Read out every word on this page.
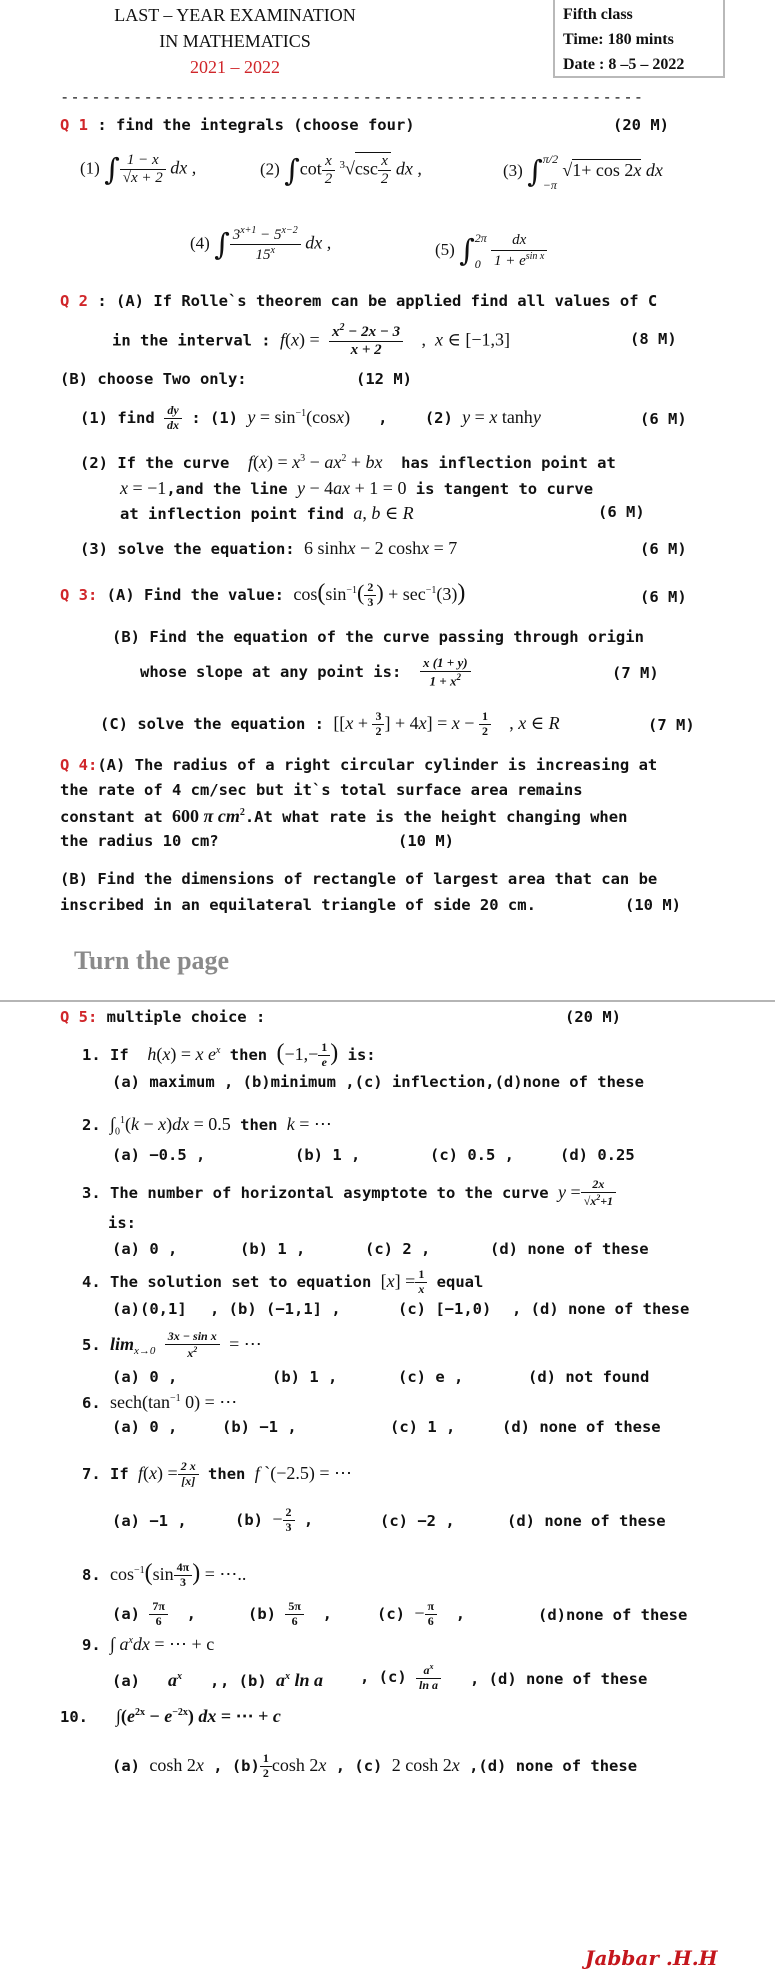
LAST – YEAR EXAMINATION
IN MATHEMATICS
2021 – 2022
Fifth class
Time: 180 mints
Date : 8 –5 – 2022
--------------------------------------------------------
Q 1 : find the integrals (choose four)	(20 M)
(1) ∫ $\frac{1 - x}{√x + 2}$ dx ,	(2) $\int\cot \frac{x}{2} ^3√\csc \frac{x}{2}$ dx ,	(3) ∫π/2
−π √1+ cos 2x dx
(4) ∫ $\frac{3^{x+1} - 5^{x-2}}{15^x}$ dx ,	(5) ∫2π
$0 \frac{dx}{1 + e^{sin x}}$
Q 2 : (A) If Rolle`s theorem can be applied find all values of C
in the interval : $f(x) = \frac{x^2 - 2x - 3}{x + 2}$ ,  x ∈ [−1,3]	(8 M)
(B) choose Two only:	(12 M)
(1) find $\frac{dy}{dx}$ : (1) $y = \sin^{-1}(\cos x)$   ,    (2) y = x tanhy	(6 M)
(2) If the curve $f(x) = x^3 - ax^2$ + bx has inflection point at
x = −1,and the line y − 4ax + 1 = 0 is tangent to curve
at inflection point find a, b ∈ R	(6 M)
(3) solve the equation: 6 sinhx − 2 coshx = 7	(6 M)
Q 3: (A) Find the value: $\cos(\sin^{-1}( \frac{2}{3}$ ) + $\sec^{-1}(3)$)	(6 M)
(B) Find the equation of the curve passing through origin
whose slope at any point is: $\frac{x (1 + y)}{1 + x^2}$	(7 M)
(C) solve the equation : [[$x + \frac{3}{2}$ ] + $4x] = x - \frac{1}{2}$ , x ∈ R	(7 M)
Q 4:(A) The radius of a right circular cylinder is increasing at
the rate of 4 cm/sec but it`s total surface area remains
constant at 600 π $cm^2.At$ what rate is the height changing when
the radius 10 cm?	(10 M)
(B) Find the dimensions of rectangle of largest area that can be
inscribed in an equilateral triangle of side 20 cm.	(10 M)
Turn the page
Q 5: multiple choice :	(20 M)
1. If h(x) = x $e^x$ then ($-1,- \frac{1}{e}$ ) is:
(a) maximum , (b)minimum ,(c) inflection,(d)none of these
2. $\int_0^1(k - x)dx = 0.5$ then k = ⋯
(a) −0.5 ,	(b) 1 ,	(c) 0.5 ,	(d) 0.25
3. The number of horizontal asymptote to the curve $y = \frac{2x}{√x^2+1}$
is:
(a) 0 ,	(b) 1 ,	(c) 2 ,	(d) none of these
4. The solution set to equation $[x] = \frac{1}{x}$ equal
(a)(0,1] , (b) (−1,1] ,	(c) [−1,0) , (d) none of these
5. $\lim_{x\to 0} \frac{\text{3x − sin x}}{x^2}$ = ⋯
(a) 0 ,	(b) 1 ,	(c) e ,	(d) not found
6. $\sec h(\tan^{-1}$ 0) = ⋯
(a) 0 ,	(b) −1 ,	(c) 1 ,	(d) none of these
7. If $f(x) = \frac{2 x}{[x]}$ then f `(−2.5) = ⋯
(a) −1 ,	$(b) - \frac{2}{3}$ ,	(c) −2 ,	(d) none of these
8. $\cos^{-1}(\sin \frac{4\pi}{3}$ ) = ⋯..
$(a) \frac{7\pi}{6}$ ,	$(b) \frac{5\pi}{6}$ ,	$(c) - \frac{\pi}{6}$ ,	(d)none of these
9. ∫ $a^xdx$ = ⋯ + c
(a) $a^x$   , , (b) $a^x$ ln a , $(c) \frac{a^x}{\text{ln a}}$ , (d) none of these
10. $\int(e^{2x} - e^{-2x})$ dx = ⋯ + c
(a) cosh 2x , $(b) \frac{1}{2}$ cosh 2x , (c) 2 cosh 2x ,(d) none of these
Jabbar .H.H
